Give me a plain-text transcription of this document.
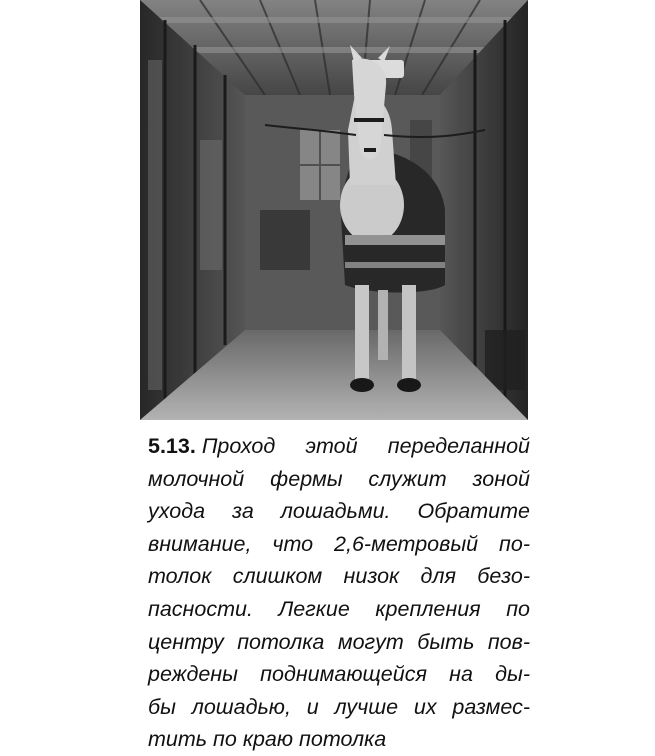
5.13. Проход этой переделанной
молочной фермы служит зоной
ухода за лошадьми. Обратите
внимание, что 2,6-метровый по-
толок слишком низок для безо-
пасности. Легкие крепления по
центру потолка могут быть пов-
реждены поднимающейся на ды-
бы лошадью, и лучше их размес-
тить по краю потолка
